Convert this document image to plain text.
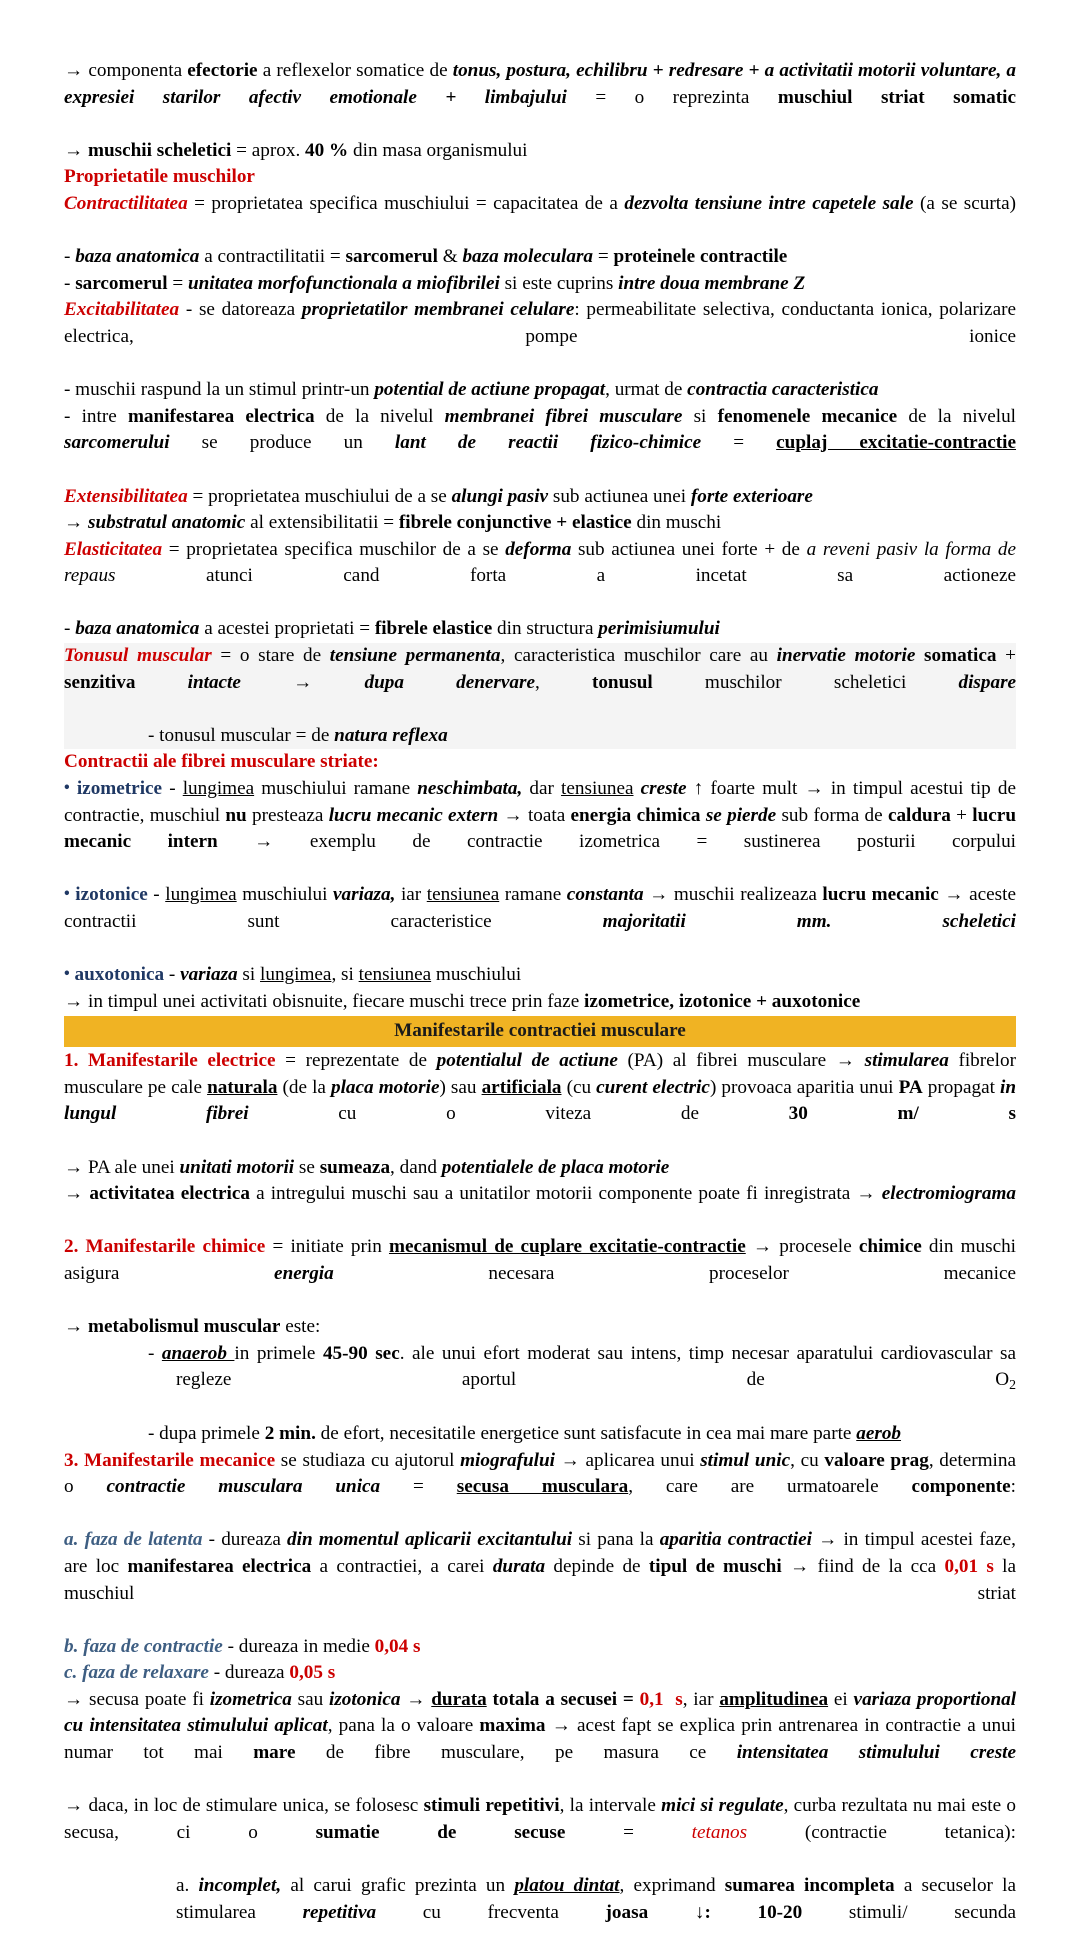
→ componenta efectorie a reflexelor somatice de tonus, postura, echilibru + redresare + a activitatii motorii voluntare, a expresiei starilor afectiv emotionale + limbajului = o reprezinta muschiul striat somatic
→ muschii scheletici = aprox. 40 % din masa organismului
Proprietatile muschilor
Contractilitatea = proprietatea specifica muschiului = capacitatea de a dezvolta tensiune intre capetele sale (a se scurta)
- baza anatomica a contractilitatii = sarcomerul & baza moleculara = proteinele contractile
- sarcomerul = unitatea morfofunctionala a miofibrilei si este cuprins intre doua membrane Z
Excitabilitatea - se datoreaza proprietatilor membranei celulare: permeabilitate selectiva, conductanta ionica, polarizare electrica, pompe ionice
- muschii raspund la un stimul printr-un potential de actiune propagat, urmat de contractia caracteristica
- intre manifestarea electrica de la nivelul membranei fibrei musculare si fenomenele mecanice de la nivelul sarcomerului se produce un lant de reactii fizico-chimice = cuplaj excitatie-contractie
Extensibilitatea = proprietatea muschiului de a se alungi pasiv sub actiunea unei forte exterioare
→ substratul anatomic al extensibilitatii = fibrele conjunctive + elastice din muschi
Elasticitatea = proprietatea specifica muschilor de a se deforma sub actiunea unei forte + de a reveni pasiv la forma de repaus atunci cand forta a incetat sa actioneze
- baza anatomica a acestei proprietati = fibrele elastice din structura perimisiumului
Tonusul muscular = o stare de tensiune permanenta, caracteristica muschilor care au inervatie motorie somatica + senzitiva	intacte	→	dupa denervare, tonusul muschilor scheletici dispare
- tonusul muscular = de natura reflexa
Contractii ale fibrei musculare striate:
• izometrice - lungimea muschiului ramane neschimbata, dar tensiunea creste ↑ foarte mult → in timpul acestui tip de contractie, muschiul nu presteaza lucru mecanic extern → toata energia chimica se pierde sub forma de caldura + lucru mecanic intern → exemplu de contractie izometrica = sustinerea posturii corpului
• izotonice - lungimea muschiului variaza, iar tensiunea ramane constanta → muschii realizeaza lucru mecanic → aceste contractii sunt caracteristice majoritatii mm. scheletici
• auxotonica - variaza si lungimea, si tensiunea muschiului
→ in timpul unei activitati obisnuite, fiecare muschi trece prin faze izometrice, izotonice + auxotonice
Manifestarile contractiei musculare
1. Manifestarile electrice = reprezentate de potentialul de actiune (PA) al fibrei musculare → stimularea fibrelor musculare pe cale naturala (de la placa motorie) sau artificiala (cu curent electric) provoaca aparitia unui PA propagat in lungul fibrei cu o viteza de 30 m/ s
→ PA ale unei unitati motorii se sumeaza, dand potentialele de placa motorie
→ activitatea electrica a intregului muschi sau a unitatilor motorii componente poate fi inregistrata → electromiograma
2. Manifestarile chimice = initiate prin mecanismul de cuplare excitatie-contractie → procesele chimice din muschi asigura energia necesara proceselor mecanice
→ metabolismul muscular este:
- anaerob in primele 45-90 sec. ale unui efort moderat sau intens, timp necesar aparatului cardiovascular sa regleze aportul de $O_2$
- dupa primele 2 min. de efort, necesitatile energetice sunt satisfacute in cea mai mare parte aerob
3. Manifestarile mecanice se studiaza cu ajutorul miografului → aplicarea unui stimul unic, cu valoare prag, determina o contractie musculara unica = secusa musculara, care are urmatoarele componente:
a. faza de latenta - dureaza din momentul aplicarii excitantului si pana la aparitia contractiei → in timpul acestei faze, are loc manifestarea electrica a contractiei, a carei durata depinde de tipul de muschi → fiind de la cca 0,01 s la muschiul striat
b. faza de contractie - dureaza in medie 0,04 s
c. faza de relaxare - dureaza 0,05 s
→ secusa poate fi izometrica sau izotonica → durata totala a secusei = 0,1  s, iar amplitudinea ei variaza proportional cu intensitatea stimulului aplicat, pana la o valoare maxima → acest fapt se explica prin antrenarea in contractie a unui numar tot mai mare de fibre musculare, pe masura ce intensitatea stimulului creste
→ daca, in loc de stimulare unica, se folosesc stimuli repetitivi, la intervale mici si regulate, curba rezultata nu mai este o secusa, ci o sumatie de secuse = tetanos (contractie tetanica):
a. incomplet, al carui grafic prezinta un platou dintat, exprimand sumarea incompleta a secuselor la stimularea repetitiva cu frecventa joasa ↓: 10-20 stimuli/ secunda
